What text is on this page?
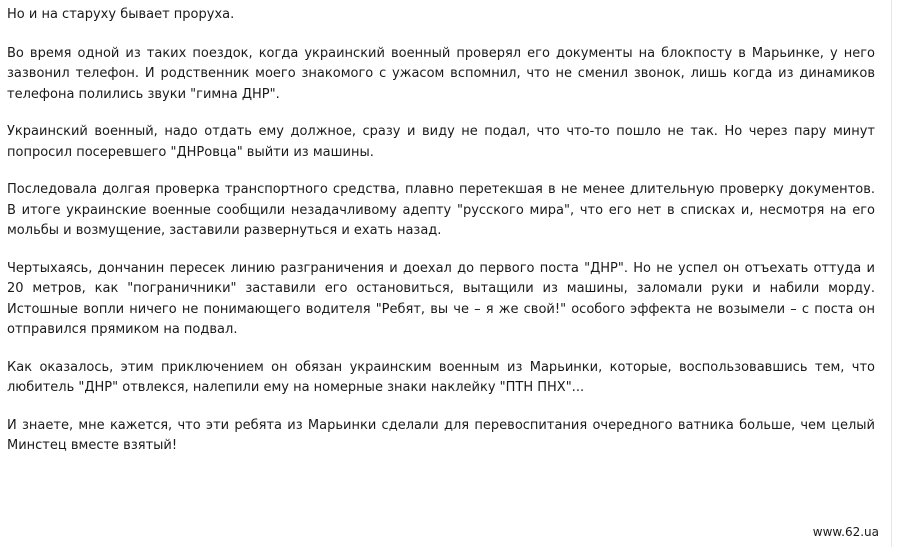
Но и на старуху бывает проруха.

Во время одной из таких поездок, когда украинский военный проверял его документы на блокпосту в Марьинке, у него зазвонил телефон. И родственник моего знакомого с ужасом вспомнил, что не сменил звонок, лишь когда из динамиков телефона полились звуки "гимна ДНР".

Украинский военный, надо отдать ему должное, сразу и виду не подал, что что-то пошло не так. Но через пару минут попросил посеревшего "ДНРовца" выйти из машины.

Последовала долгая проверка транспортного средства, плавно перетекшая в не менее длительную проверку документов. В итоге украинские военные сообщили незадачливому адепту "русского мира", что его нет в списках и, несмотря на его мольбы и возмущение, заставили развернуться и ехать назад.

Чертыхаясь, дончанин пересек линию разграничения и доехал до первого поста "ДНР". Но не успел он отъехать оттуда и 20 метров, как "пограничники" заставили его остановиться, вытащили из машины, заломали руки и набили морду. Истошные вопли ничего не понимающего водителя "Ребят, вы че – я же свой!" особого эффекта не возымели – с поста он отправился прямиком на подвал.

Как оказалось, этим приключением он обязан украинским военным из Марьинки, которые, воспользовавшись тем, что любитель "ДНР" отвлекся, налепили ему на номерные знаки наклейку "ПТН ПНХ"...

И знаете, мне кажется, что эти ребята из Марьинки сделали для перевоспитания очередного ватника больше, чем целый Минстец вместе взятый!

www.62.ua
